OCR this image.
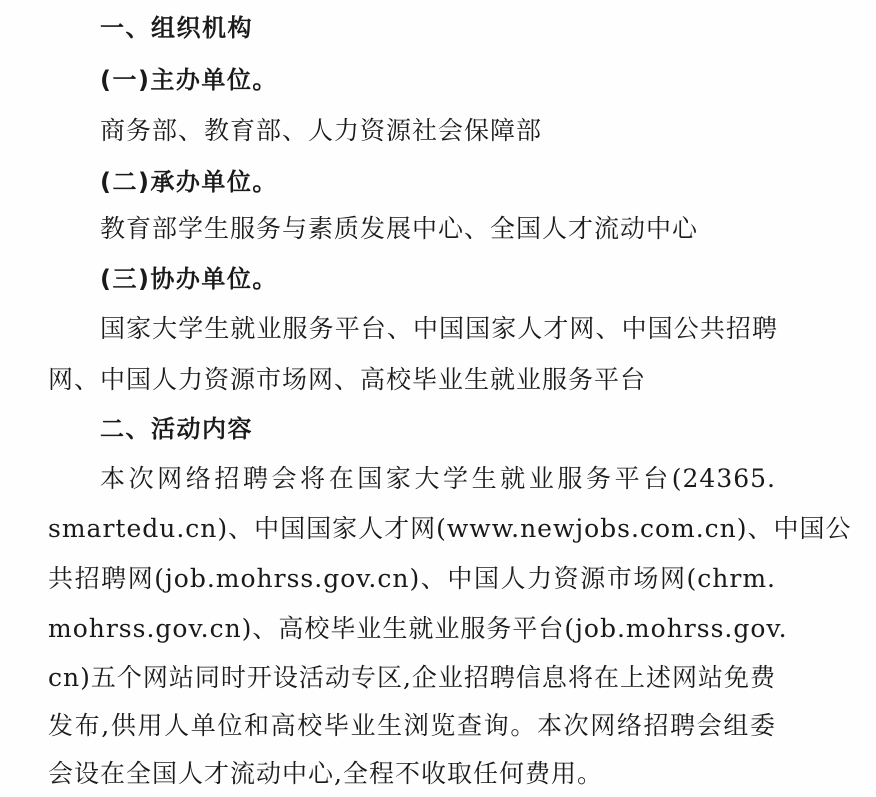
一、组织机构
(一)主办单位。
商务部、教育部、人力资源社会保障部
(二)承办单位。
教育部学生服务与素质发展中心、全国人才流动中心
(三)协办单位。
国家大学生就业服务平台、中国国家人才网、中国公共招聘
网、中国人力资源市场网、高校毕业生就业服务平台
二、活动内容
本次网络招聘会将在国家大学生就业服务平台(24365.
smartedu.cn)、中国国家人才网(www.newjobs.com.cn)、中国公
共招聘网(job.mohrss.gov.cn)、中国人力资源市场网(chrm.
mohrss.gov.cn)、高校毕业生就业服务平台(job.mohrss.gov.
cn)五个网站同时开设活动专区,企业招聘信息将在上述网站免费
发布,供用人单位和高校毕业生浏览查询。本次网络招聘会组委
会设在全国人才流动中心,全程不收取任何费用。
